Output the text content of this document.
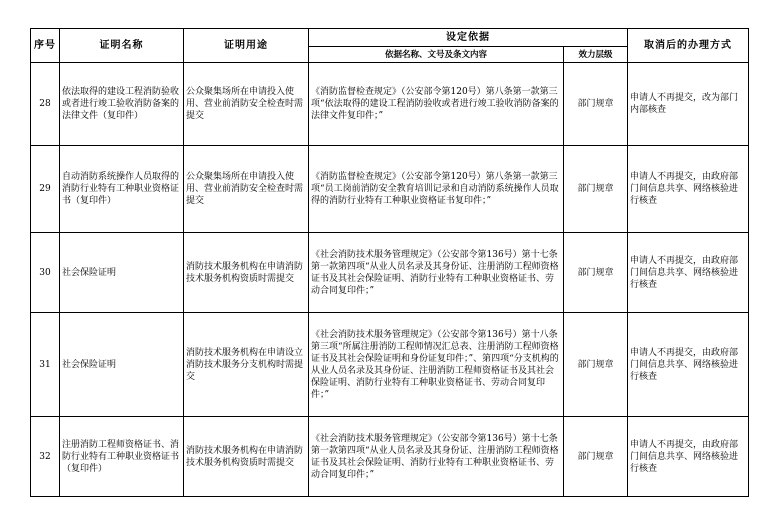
序号	证明名称	证明用途	设定依据		取消后的办理方式
			依据名称、文号及条文内容	效力层级	
28	依法取得的建设工程消防验收或者进行竣工验收消防备案的法律文件（复印件）	公众聚集场所在申请投入使用、营业前消防安全检查时需提交	《消防监督检查规定》（公安部令第120号）第八条第一款第三项“依法取得的建设工程消防验收或者进行竣工验收消防备案的法律文件复印件；”	部门规章	申请人不再提交，改为部门内部核查
29	自动消防系统操作人员取得的消防行业特有工种职业资格证书（复印件）	公众聚集场所在申请投入使用、营业前消防安全检查时需提交	《消防监督检查规定》（公安部令第120号）第八条第一款第三项“员工岗前消防安全教育培训记录和自动消防系统操作人员取得的消防行业特有工种职业资格证书复印件；”	部门规章	申请人不再提交，由政府部门间信息共享、网络核验进行核查
30	社会保险证明	消防技术服务机构在申请消防技术服务机构资质时需提交	《社会消防技术服务管理规定》（公安部令第136号）第十七条第一款第四项“从业人员名录及其身份证、注册消防工程师资格证书及其社会保险证明、消防行业特有工种职业资格证书、劳动合同复印件；”	部门规章	申请人不再提交，由政府部门间信息共享、网络核验进行核查
31	社会保险证明	消防技术服务机构在申请设立消防技术服务分支机构时需提交	《社会消防技术服务管理规定》（公安部令第136号）第十八条第三项“所属注册消防工程师情况汇总表、注册消防工程师资格证书及其社会保险证明和身份证复印件；”、第四项“分支机构的从业人员名录及其身份证、注册消防工程师资格证书及其社会保险证明、消防行业特有工种职业资格证书、劳动合同复印件；”	部门规章	申请人不再提交，由政府部门间信息共享、网络核验进行核查
32	注册消防工程师资格证书、消防行业特有工种职业资格证书（复印件）	消防技术服务机构在申请消防技术服务机构资质时需提交	《社会消防技术服务管理规定》（公安部令第136号）第十七条第一款第四项“从业人员名录及其身份证、注册消防工程师资格证书及其社会保险证明、消防行业特有工种职业资格证书、劳动合同复印件；”	部门规章	申请人不再提交，由政府部门间信息共享、网络核验进行核查
